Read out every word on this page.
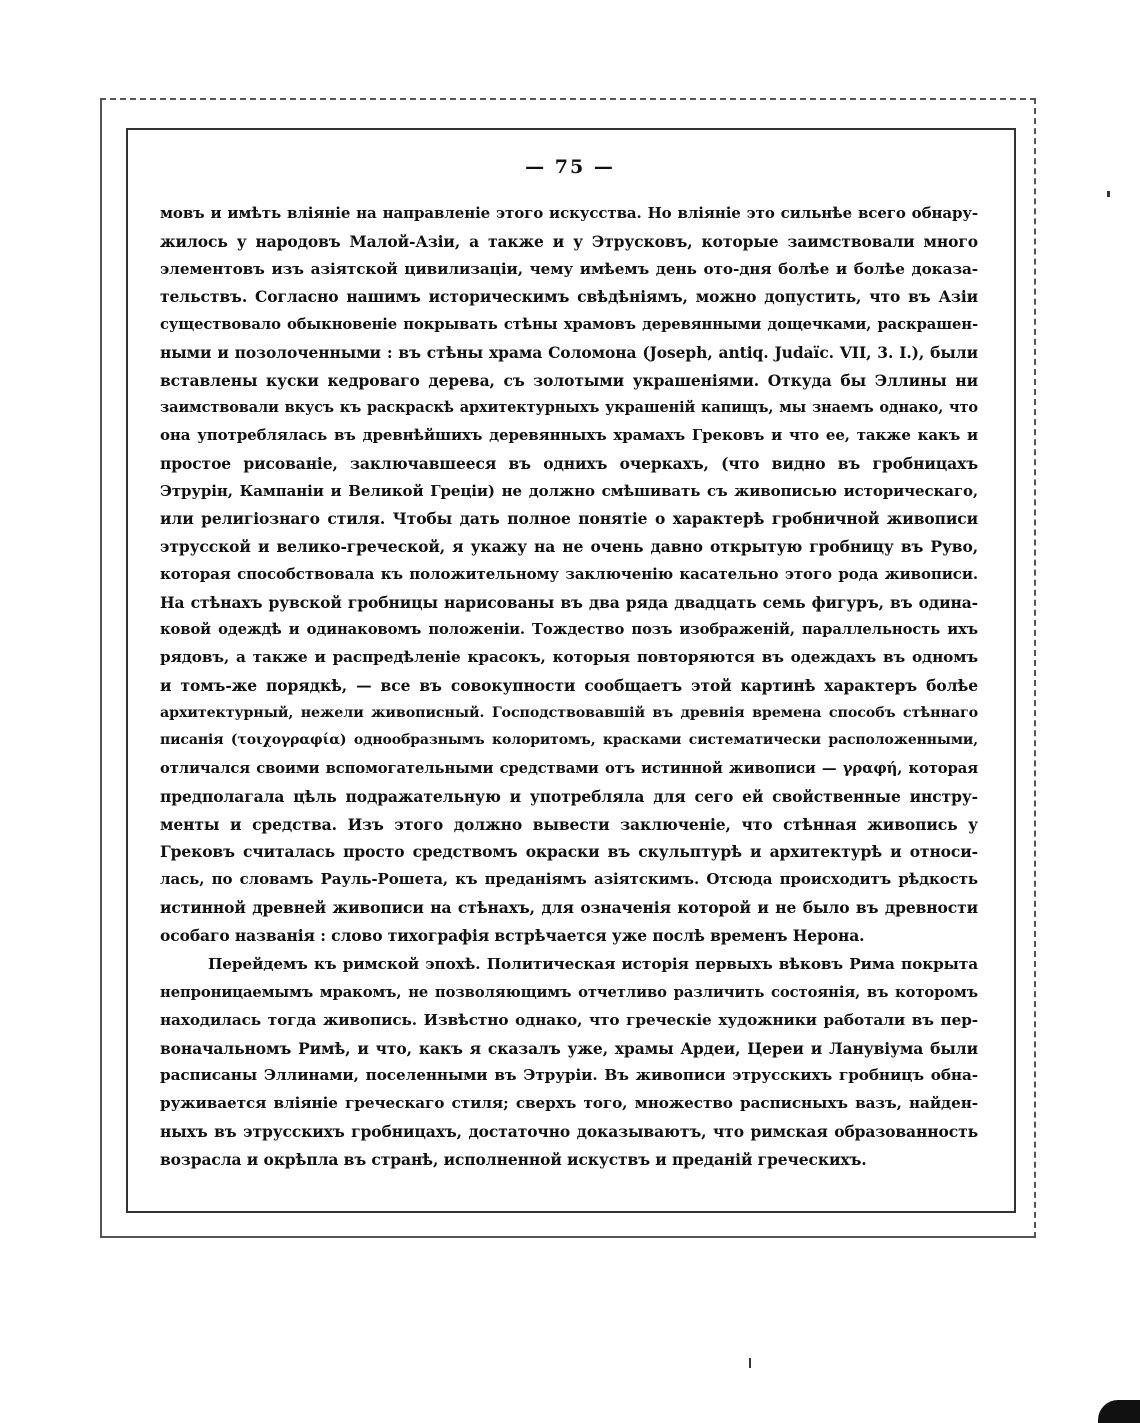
— 75 —
мовъ и имѣть вліяніе на направленіе этого искусства. Но вліяніе это сильнѣе всего обнару-
жилось у народовъ Малой-Азіи, а также и у Этрусковъ, которые заимствовали много
элементовъ изъ азіятской цивилизаціи, чему имѣемъ день ото-дня болѣе и болѣе доказа-
тельствъ. Согласно нашимъ историческимъ свѣдѣніямъ, можно допустить, что въ Азіи
существовало обыкновеніе покрывать стѣны храмовъ деревянными дощечками, раскрашен-
ными и позолоченными : въ стѣны храма Соломона (Joseph, antiq. Judaïc. VII, 3. I.), были
вставлены куски кедроваго дерева, съ золотыми украшеніями. Откуда бы Эллины ни
заимствовали вкусъ къ раскраскѣ архитектурныхъ украшеній капищъ, мы знаемъ однако, что
она употреблялась въ древнѣйшихъ деревянныхъ храмахъ Грековъ и что ее, также какъ и
простое рисованіе, заключавшееся въ однихъ очеркахъ, (что видно въ гробницахъ
Этрурін, Кампаніи и Великой Греціи) не должно смѣшивать съ живописью историческаго,
или религіознаго стиля. Чтобы дать полное понятіе о характерѣ гробничной живописи
этрусской и велико-греческой, я укажу на не очень давно открытую гробницу въ Руво,
которая способствовала къ положительному заключенію касательно этого рода живописи.
На стѣнахъ рувской гробницы нарисованы въ два ряда двадцать семь фигуръ, въ одина-
ковой одеждѣ и одинаковомъ положеніи. Тождество позъ изображеній, параллельность ихъ
рядовъ, а также и распредѣленіе красокъ, которыя повторяются въ одеждахъ въ одномъ
и томъ-же порядкѣ, — все въ совокупности сообщаетъ этой картинѣ характеръ болѣе
архитектурный, нежели живописный. Господствовавшій въ древнія времена способъ стѣннаго
писанія (τοιχογραφία) однообразнымъ колоритомъ, красками систематически расположенными,
отличался своими вспомогательными средствами отъ истинной живописи — γραφή, которая
предполагала цѣль подражательную и употребляла для сего ей свойственные инстру-
менты и средства. Изъ этого должно вывести заключеніе, что стѣнная живопись у
Грековъ считалась просто средствомъ окраски въ скульптурѣ и архитектурѣ и относи-
лась, по словамъ Рауль-Рошета, къ преданіямъ азіятскимъ. Отсюда происходитъ рѣдкость
истинной древней живописи на стѣнахъ, для означенія которой и не было въ древности
особаго названія : слово тихографія встрѣчается уже послѣ временъ Нерона.
Перейдемъ къ римской эпохѣ. Политическая исторія первыхъ вѣковъ Рима покрыта
непроницаемымъ мракомъ, не позволяющимъ отчетливо различить состоянія, въ которомъ
находилась тогда живопись. Извѣстно однако, что греческіе художники работали въ пер-
воначальномъ Римѣ, и что, какъ я сказалъ уже, храмы Ардеи, Цереи и Ланувіума были
расписаны Эллинами, поселенными въ Этруріи. Въ живописи этрусскихъ гробницъ обна-
руживается вліяніе греческаго стиля; сверхъ того, множество расписныхъ вазъ, найден-
ныхъ въ этрусскихъ гробницахъ, достаточно доказываютъ, что римская образованность
возрасла и окрѣпла въ странѣ, исполненной искуствъ и преданій греческихъ.
